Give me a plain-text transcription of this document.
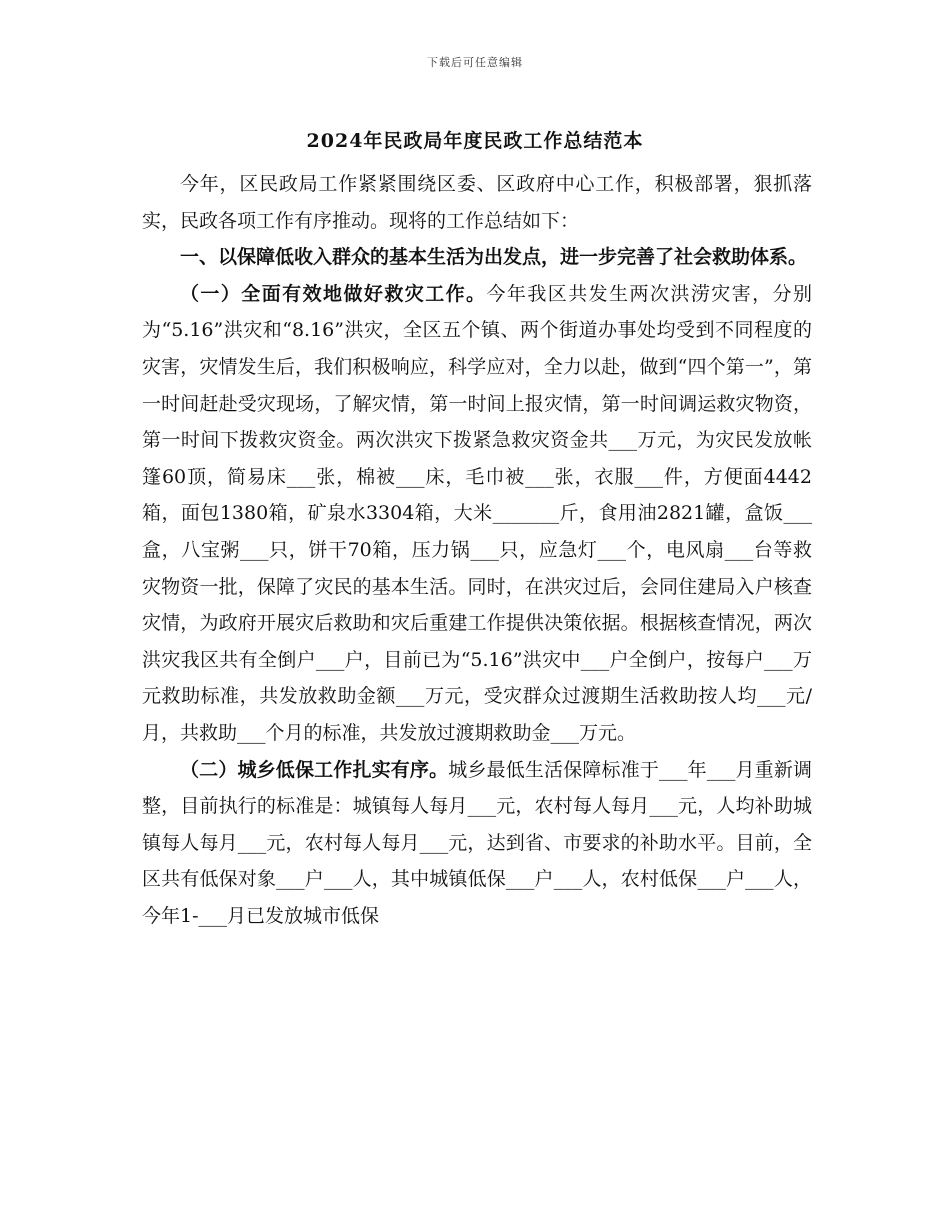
下载后可任意编辑
2024年民政局年度民政工作总结范本

今年，区民政局工作紧紧围绕区委、区政府中心工作，积极部署，狠抓落实，民政各项工作有序推动。现将的工作总结如下：

一、以保障低收入群众的基本生活为出发点，进一步完善了社会救助体系。

（一）全面有效地做好救灾工作。今年我区共发生两次洪涝灾害，分别为“5.16”洪灾和“8.16”洪灾，全区五个镇、两个街道办事处均受到不同程度的灾害，灾情发生后，我们积极响应，科学应对，全力以赴，做到“四个第一”，第一时间赶赴受灾现场，了解灾情，第一时间上报灾情，第一时间调运救灾物资，第一时间下拨救灾资金。两次洪灾下拨紧急救灾资金共___万元，为灾民发放帐篷60顶，简易床___张，棉被___床，毛巾被___张，衣服___件，方便面4442箱，面包1380箱，矿泉水3304箱，大米_______斤，食用油2821罐，盒饭___盒，八宝粥___只，饼干70箱，压力锅___只，应急灯___个，电风扇___台等救灾物资一批，保障了灾民的基本生活。同时，在洪灾过后，会同住建局入户核查灾情，为政府开展灾后救助和灾后重建工作提供决策依据。根据核查情况，两次洪灾我区共有全倒户___户，目前已为“5.16”洪灾中___户全倒户，按每户___万元救助标准，共发放救助金额___万元，受灾群众过渡期生活救助按人均___元/月，共救助___个月的标准，共发放过渡期救助金___万元。

（二）城乡低保工作扎实有序。城乡最低生活保障标准于___年___月重新调整，目前执行的标准是：城镇每人每月___元，农村每人每月___元，人均补助城镇每人每月___元，农村每人每月___元，达到省、市要求的补助水平。目前，全区共有低保对象___户___人，其中城镇低保___户___人，农村低保___户___人，今年1-___月已发放城市低保
